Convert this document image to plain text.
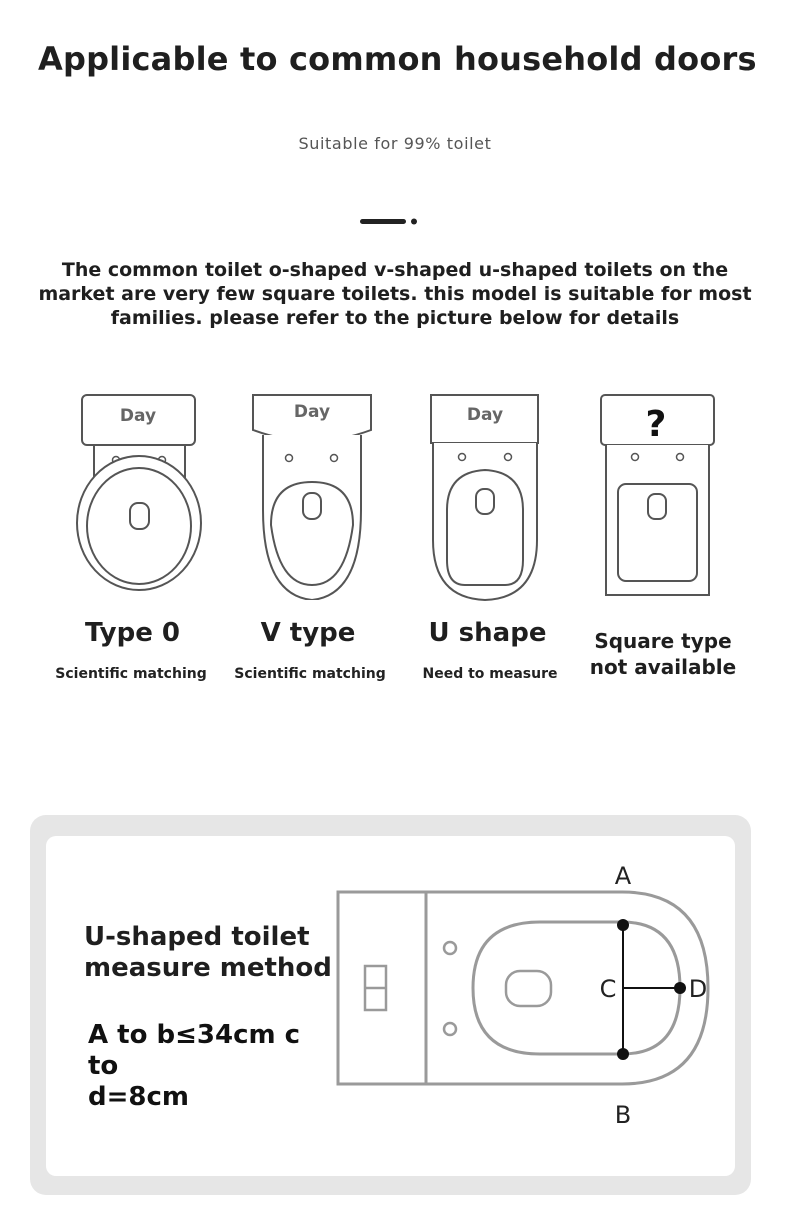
Applicable to common household doors
Suitable for 99% toilet
The common toilet o-shaped v-shaped u-shaped toilets on the market are very few square toilets. this model is suitable for most families. please refer to the picture below for details
Day
Type 0
Scientific matching
Day
V type
Scientific matching
Day
U shape
Need to measure
?
Square type
not available
U-shaped toilet
measure method
A to b≤34cm c to
d=8cm
A
B
C	D
